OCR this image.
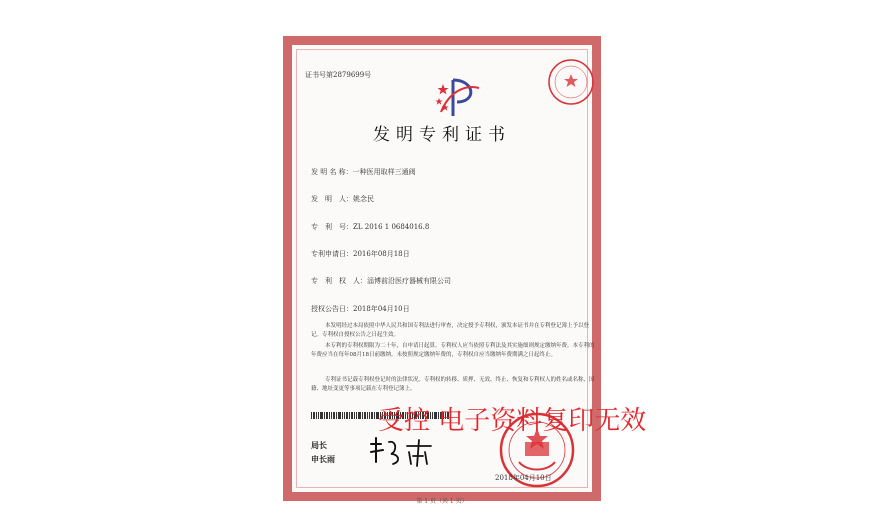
证书号第2879699号
发明专利证书
发 明 名 称：一种医用取样三通阀
发　明　人：姚念民
专　利　号：ZL 2016 1 0684016.8
专利申请日：2016年08月18日
专　利　权　人：淄博前沿医疗器械有限公司
授权公告日：2018年04月10日
本发明经过本局依照中华人民共和国专利法进行审查，决定授予专利权，颁发本证书并在专利登记簿上予以登记。专利权自授权公告之日起生效。
本专利的专利权期限为二十年，自申请日起算。专利权人应当依照专利法及其实施细则规定缴纳年费。本专利的年费应当在每年08月18日前缴纳。未按照规定缴纳年费的，专利权自应当缴纳年费期满之日起终止。
专利证书记载专利权登记时的法律状况。专利权的转移、质押、无效、终止、恢复和专利权人的姓名或名称、国籍、地址变更等事项记载在专利登记簿上。
局长
申长雨
2018年04月10日
第 1 页（共 1 页）
受控 电子资料复印无效
